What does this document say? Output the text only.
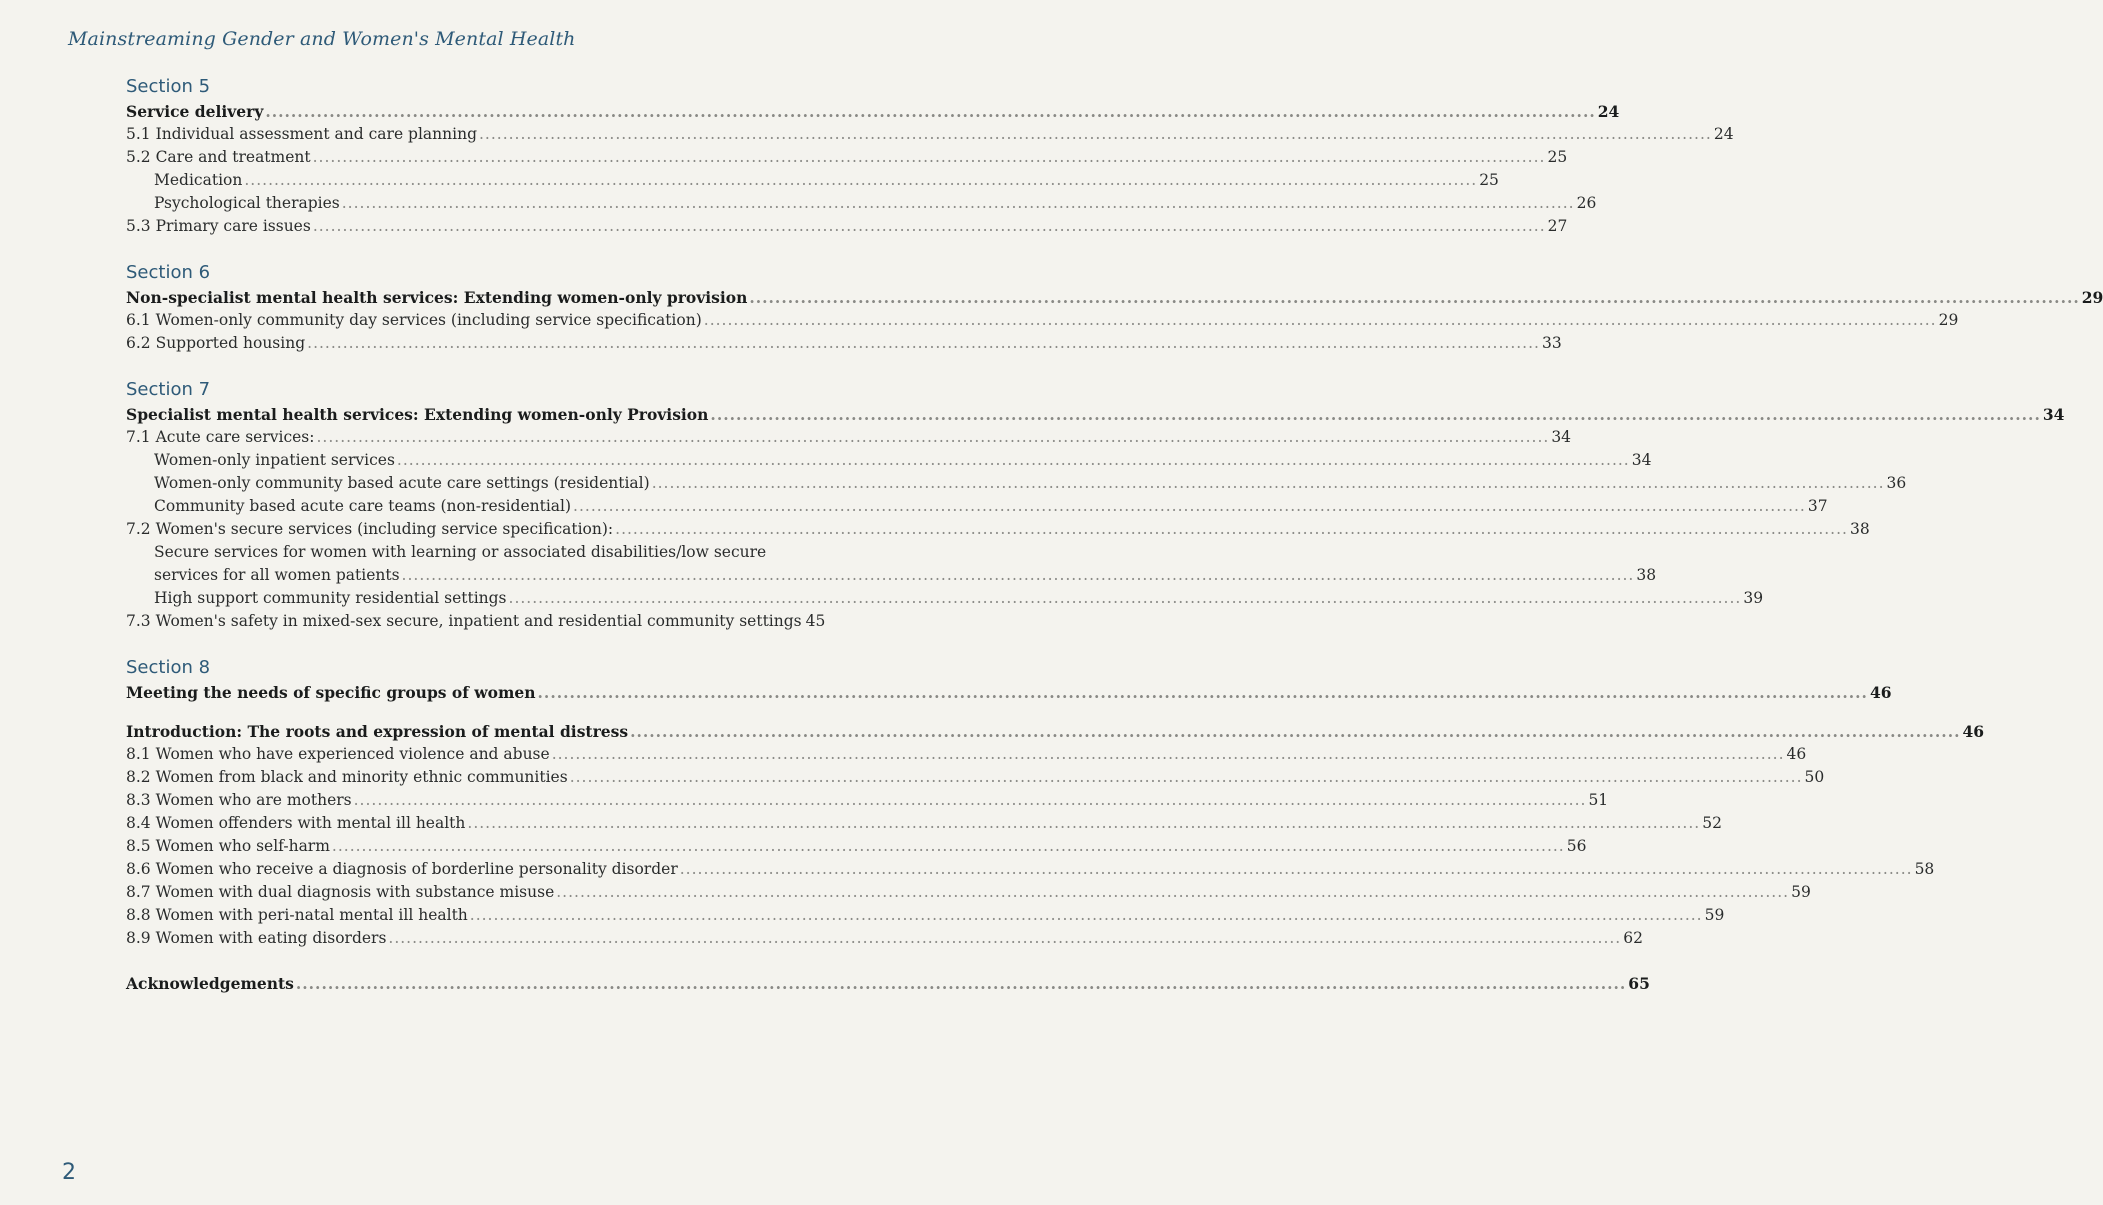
Mainstreaming Gender and Women's Mental Health
Section 5
Service delivery .....	24
5.1 Individual assessment and care planning .....	24
5.2 Care and treatment .....	25
Medication .....	25
Psychological therapies .....	26
5.3 Primary care issues .....	27
Section 6
Non-specialist mental health services: Extending women-only provision .....	29
6.1 Women-only community day services (including service specification) .....	29
6.2 Supported housing .....	33
Section 7
Specialist mental health services: Extending women-only Provision .....	34
7.1 Acute care services: .....	34
Women-only inpatient services .....	34
Women-only community based acute care settings (residential) .....	36
Community based acute care teams (non-residential) .....	37
7.2 Women's secure services (including service specification): .....	38
Secure services for women with learning or associated disabilities/low secure
services for all women patients .....	38
High support community residential settings .....	39
7.3 Women's safety in mixed-sex secure, inpatient and residential community settings 45
Section 8
Meeting the needs of specific groups of women .....	46
Introduction: The roots and expression of mental distress .....	46
8.1 Women who have experienced violence and abuse .....	46
8.2 Women from black and minority ethnic communities .....	50
8.3 Women who are mothers .....	51
8.4 Women offenders with mental ill health .....	52
8.5 Women who self-harm .....	56
8.6 Women who receive a diagnosis of borderline personality disorder .....	58
8.7 Women with dual diagnosis with substance misuse .....	59
8.8 Women with peri-natal mental ill health .....	59
8.9 Women with eating disorders .....	62
Acknowledgements .....	65
2
